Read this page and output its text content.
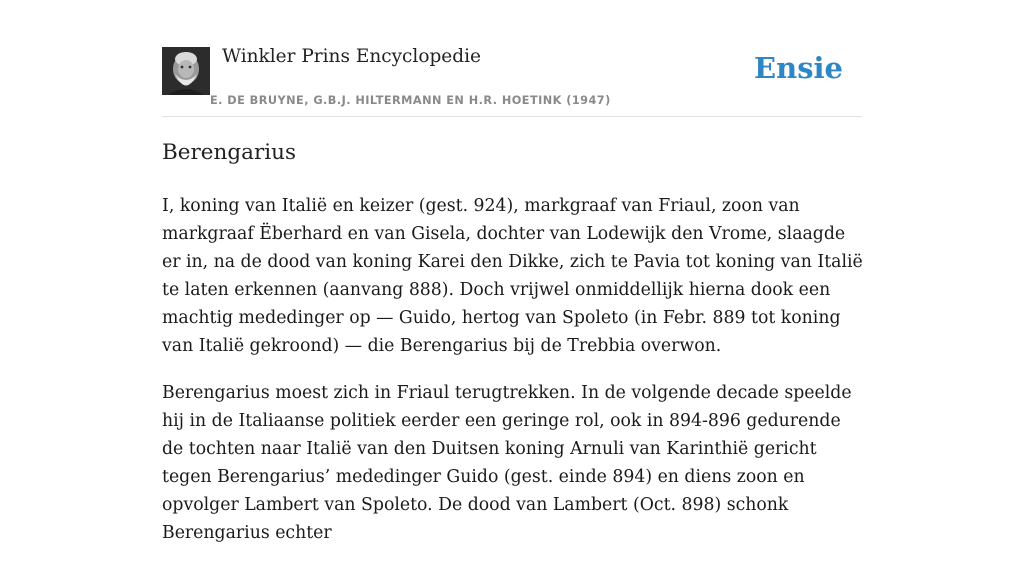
Winkler Prins Encyclopedie
E. DE BRUYNE, G.B.J. HILTERMANN EN H.R. HOETINK (1947)
Ensie
Berengarius

I, koning van Italië en keizer (gest. 924), markgraaf van Friaul, zoon van markgraaf Ëberhard en van Gisela, dochter van Lodewijk den Vrome, slaagde er in, na de dood van koning Karei den Dikke, zich te Pavia tot koning van Italië te laten erkennen (aanvang 888). Doch vrijwel onmiddellijk hierna dook een machtig mededinger op — Guido, hertog van Spoleto (in Febr. 889 tot koning van Italië gekroond) — die Berengarius bij de Trebbia overwon.

Berengarius moest zich in Friaul terugtrekken. In de volgende decade speelde hij in de Italiaanse politiek eerder een geringe rol, ook in 894-896 gedurende de tochten naar Italië van den Duitsen koning Arnuli van Karinthië gericht tegen Berengarius’ mededinger Guido (gest. einde 894) en diens zoon en opvolger Lambert van Spoleto. De dood van Lambert (Oct. 898) schonk Berengarius echter
